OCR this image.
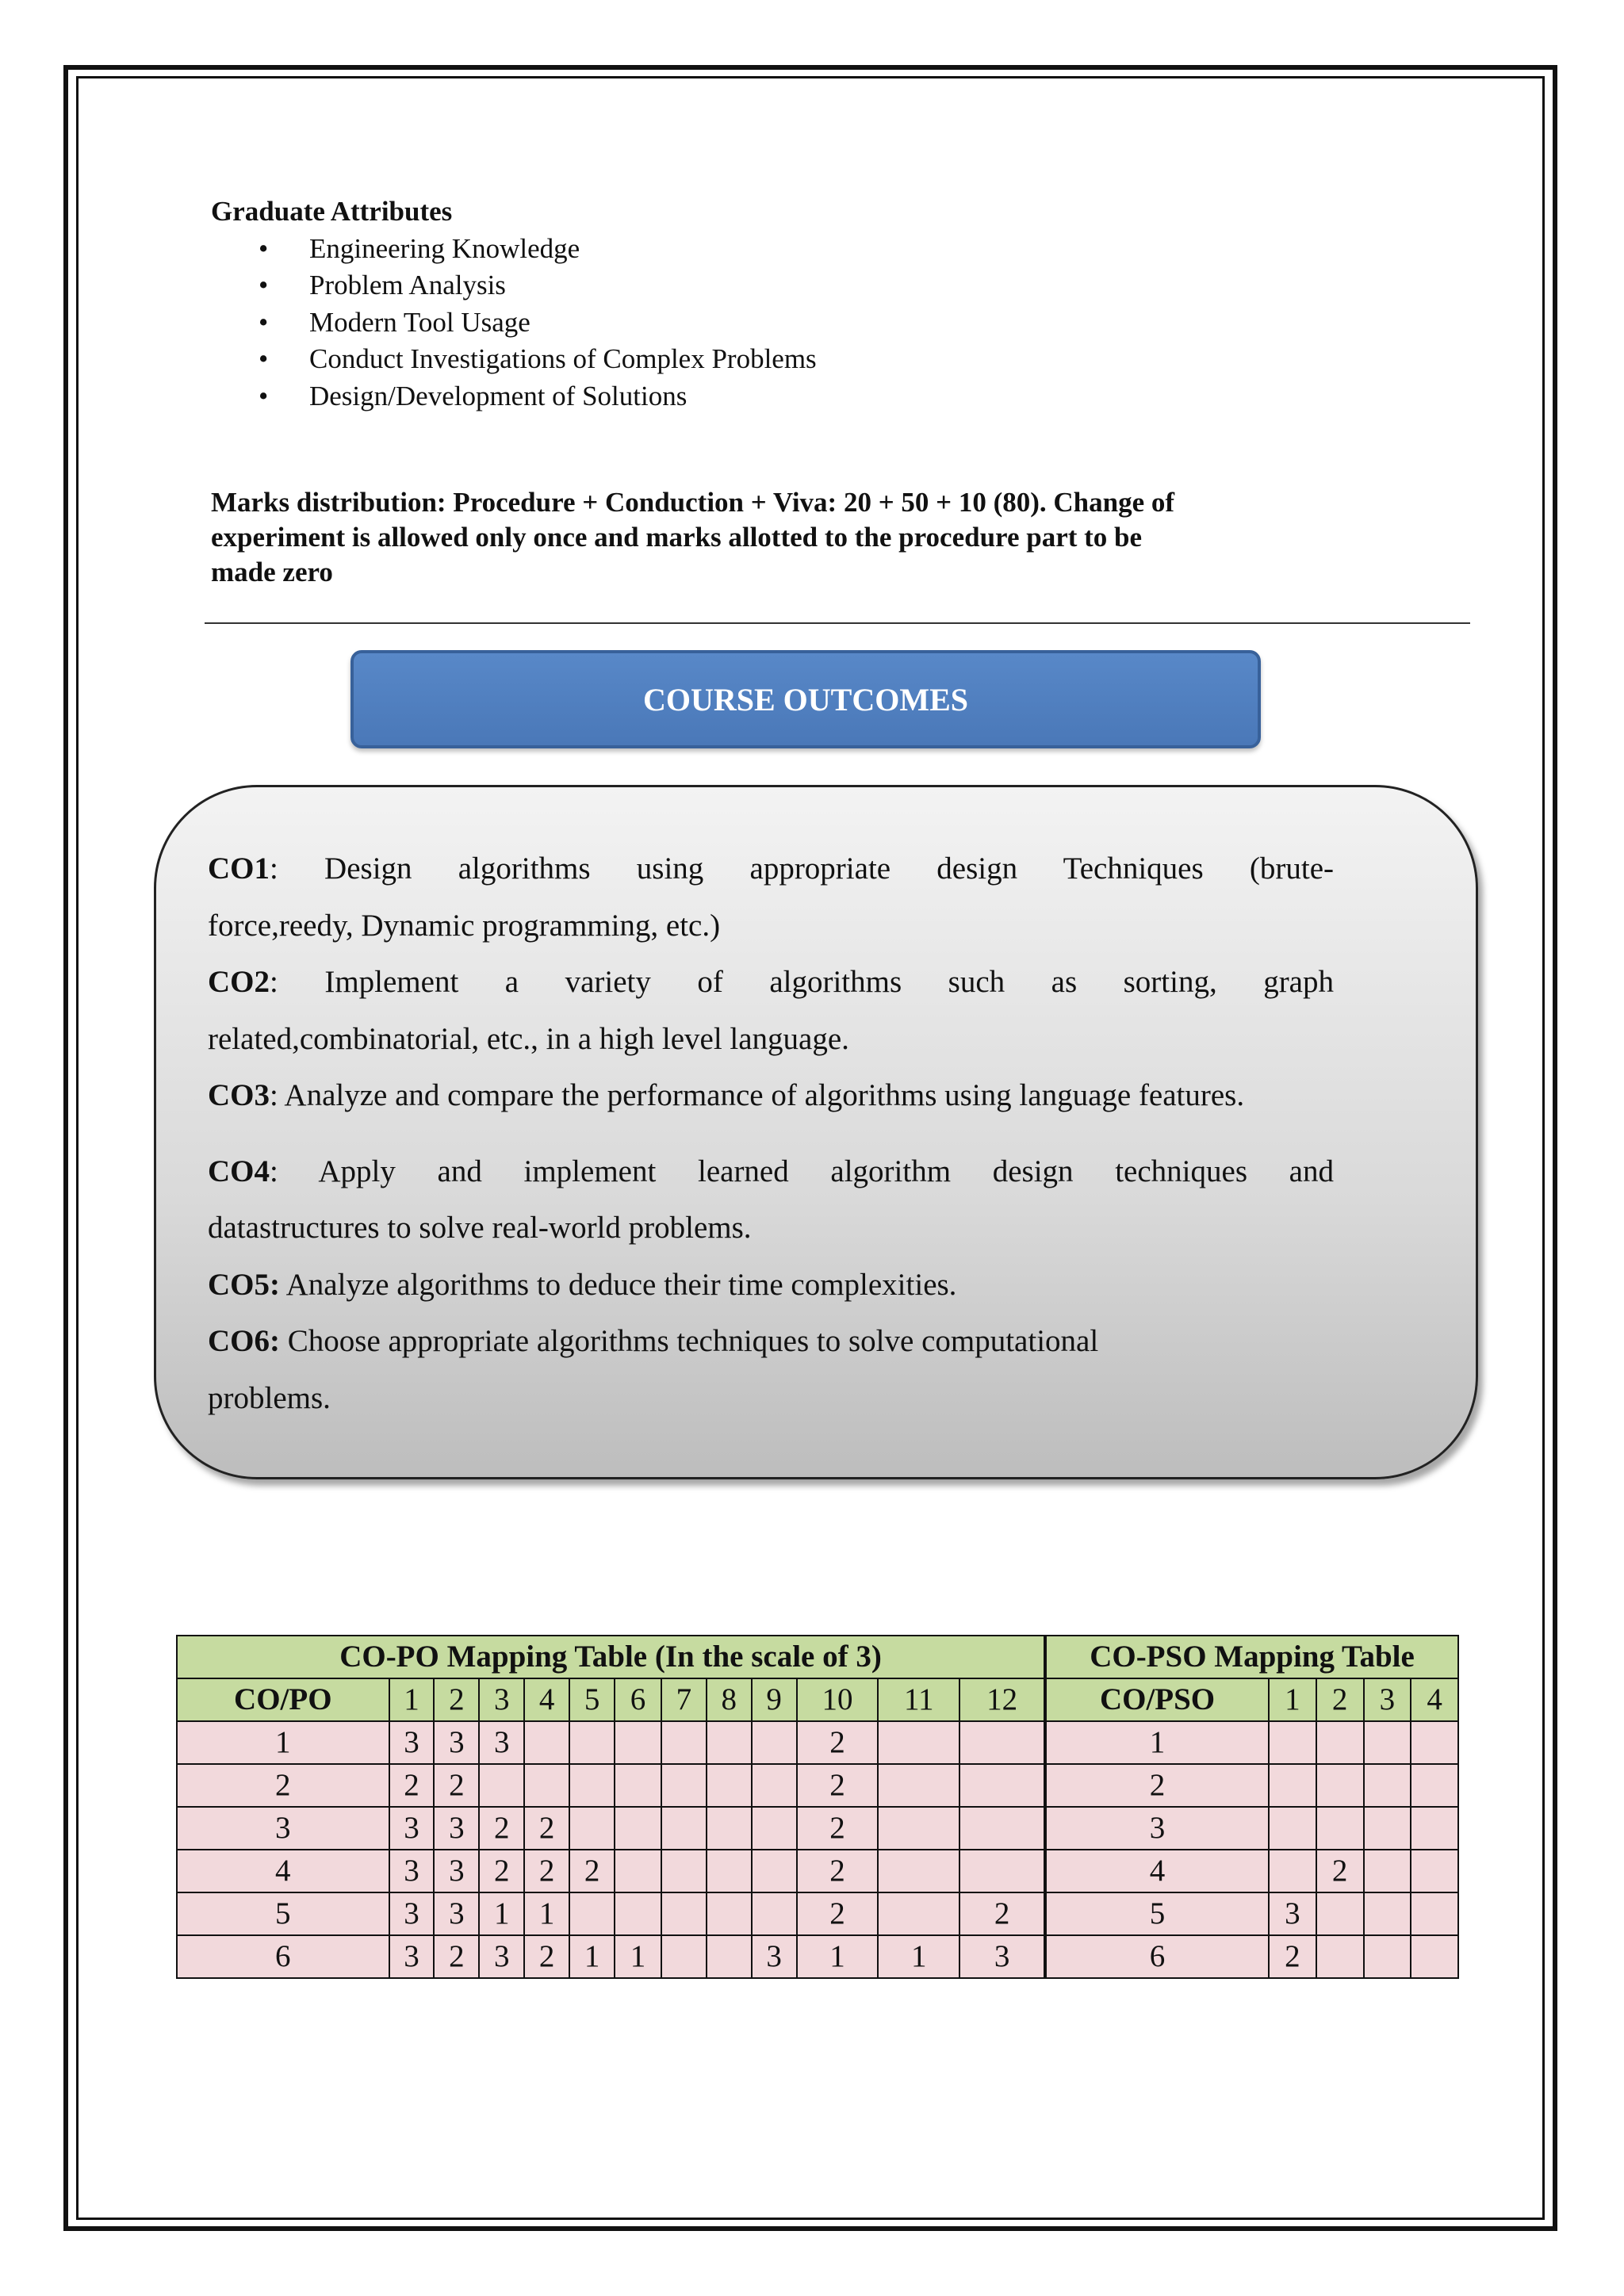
Graduate Attributes
• Engineering Knowledge
• Problem Analysis
• Modern Tool Usage
• Conduct Investigations of Complex Problems
• Design/Development of Solutions
Marks distribution: Procedure + Conduction + Viva: 20 + 50 + 10 (80). Change of
experiment is allowed only once and marks allotted to the procedure part to be
made zero
COURSE OUTCOMES
CO1: Design algorithms using appropriate design Techniques (brute-
force,reedy, Dynamic programming, etc.)
CO2: Implement a variety of algorithms such as sorting, graph
related,combinatorial, etc., in a high level language.
CO3: Analyze and compare the performance of algorithms using language features.
CO4: Apply and implement learned algorithm design techniques and
datastructures to solve real-world problems.
CO5: Analyze algorithms to deduce their time complexities.
CO6: Choose appropriate algorithms techniques to solve computational
problems.
CO-PO Mapping Table (In the scale of 3)												
CO/PO	1	2	3	4	5	6	7	8	9	10	11	12
1	3	3	3							2		
2	2	2								2		
3	3	3	2	2						2		
4	3	3	2	2	2					2		
5	3	3	1	1						2		2
6	3	2	3	2	1	1			3	1	1	3
CO-PSO Mapping Table				
CO/PSO	1	2	3	4
1				
2				
3				
4		2		
5	3			
6	2			
